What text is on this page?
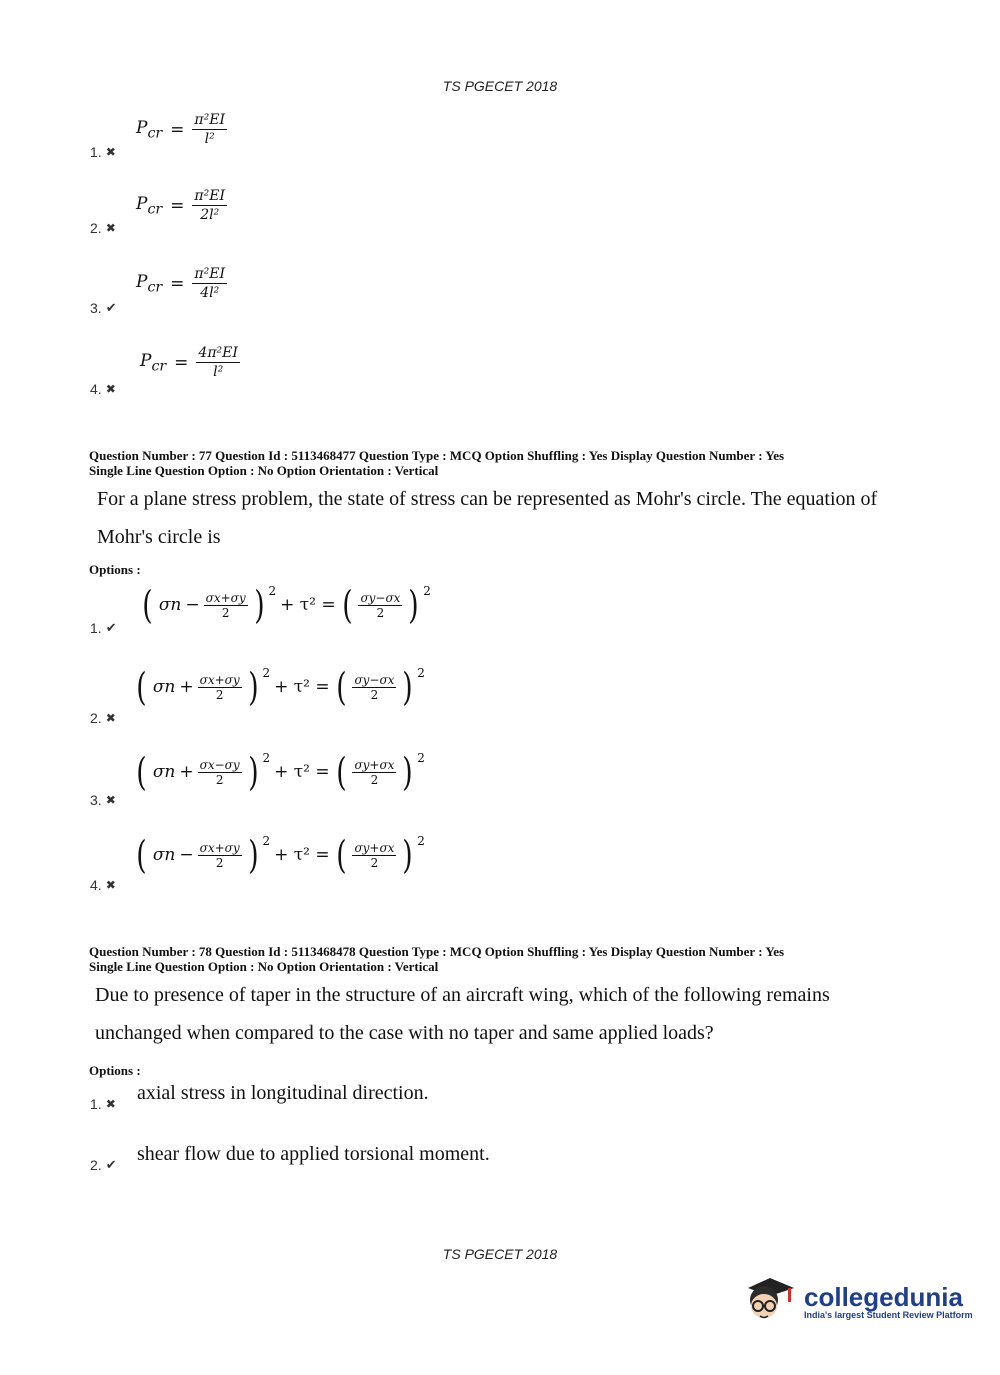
TS PGECET 2018
1. ✖
$P_{cr} = \frac{\text{π²EI}}{\text{l²}}$
2. ✖
$P_{cr} = \frac{\text{π²EI}}{\text{2l²}}$
3. ✔
$P_{cr} = \frac{\text{π²EI}}{\text{4l²}}$
4. ✖
$P_{cr} = \frac{\text{4π²EI}}{\text{l²}}$
Question Number : 77 Question Id : 5113468477 Question Type : MCQ Option Shuffling : Yes Display Question Number : Yes
Single Line Question Option : No Option Orientation : Vertical
For a plane stress problem, the state of stress can be represented as Mohr's circle. The equation of Mohr's circle is
Options :
1. ✔
( $\sigma n - \frac{\sigma x+\sigma y}{2}$ ) 2
+ τ² = ( $\frac{\sigma y-\sigma x}{2}$ ) 2
2. ✖
( $\sigma n + \frac{\sigma x+\sigma y}{2}$ ) 2
+ τ² = ( $\frac{\sigma y-\sigma x}{2}$ ) 2
3. ✖
( $\sigma n + \frac{\sigma x-\sigma y}{2}$ ) 2
+ τ² = ( $\frac{\sigma y+\sigma x}{2}$ ) 2
4. ✖
( $\sigma n - \frac{\sigma x+\sigma y}{2}$ ) 2
+ τ² = ( $\frac{\sigma y+\sigma x}{2}$ ) 2
Question Number : 78 Question Id : 5113468478 Question Type : MCQ Option Shuffling : Yes Display Question Number : Yes
Single Line Question Option : No Option Orientation : Vertical
Due to presence of taper in the structure of an aircraft wing, which of the following remains unchanged when compared to the case with no taper and same applied loads?
Options :
1. ✖ axial stress in longitudinal direction.
2. ✔ shear flow due to applied torsional moment.
TS PGECET 2018
collegedunia
India's largest Student Review Platform
